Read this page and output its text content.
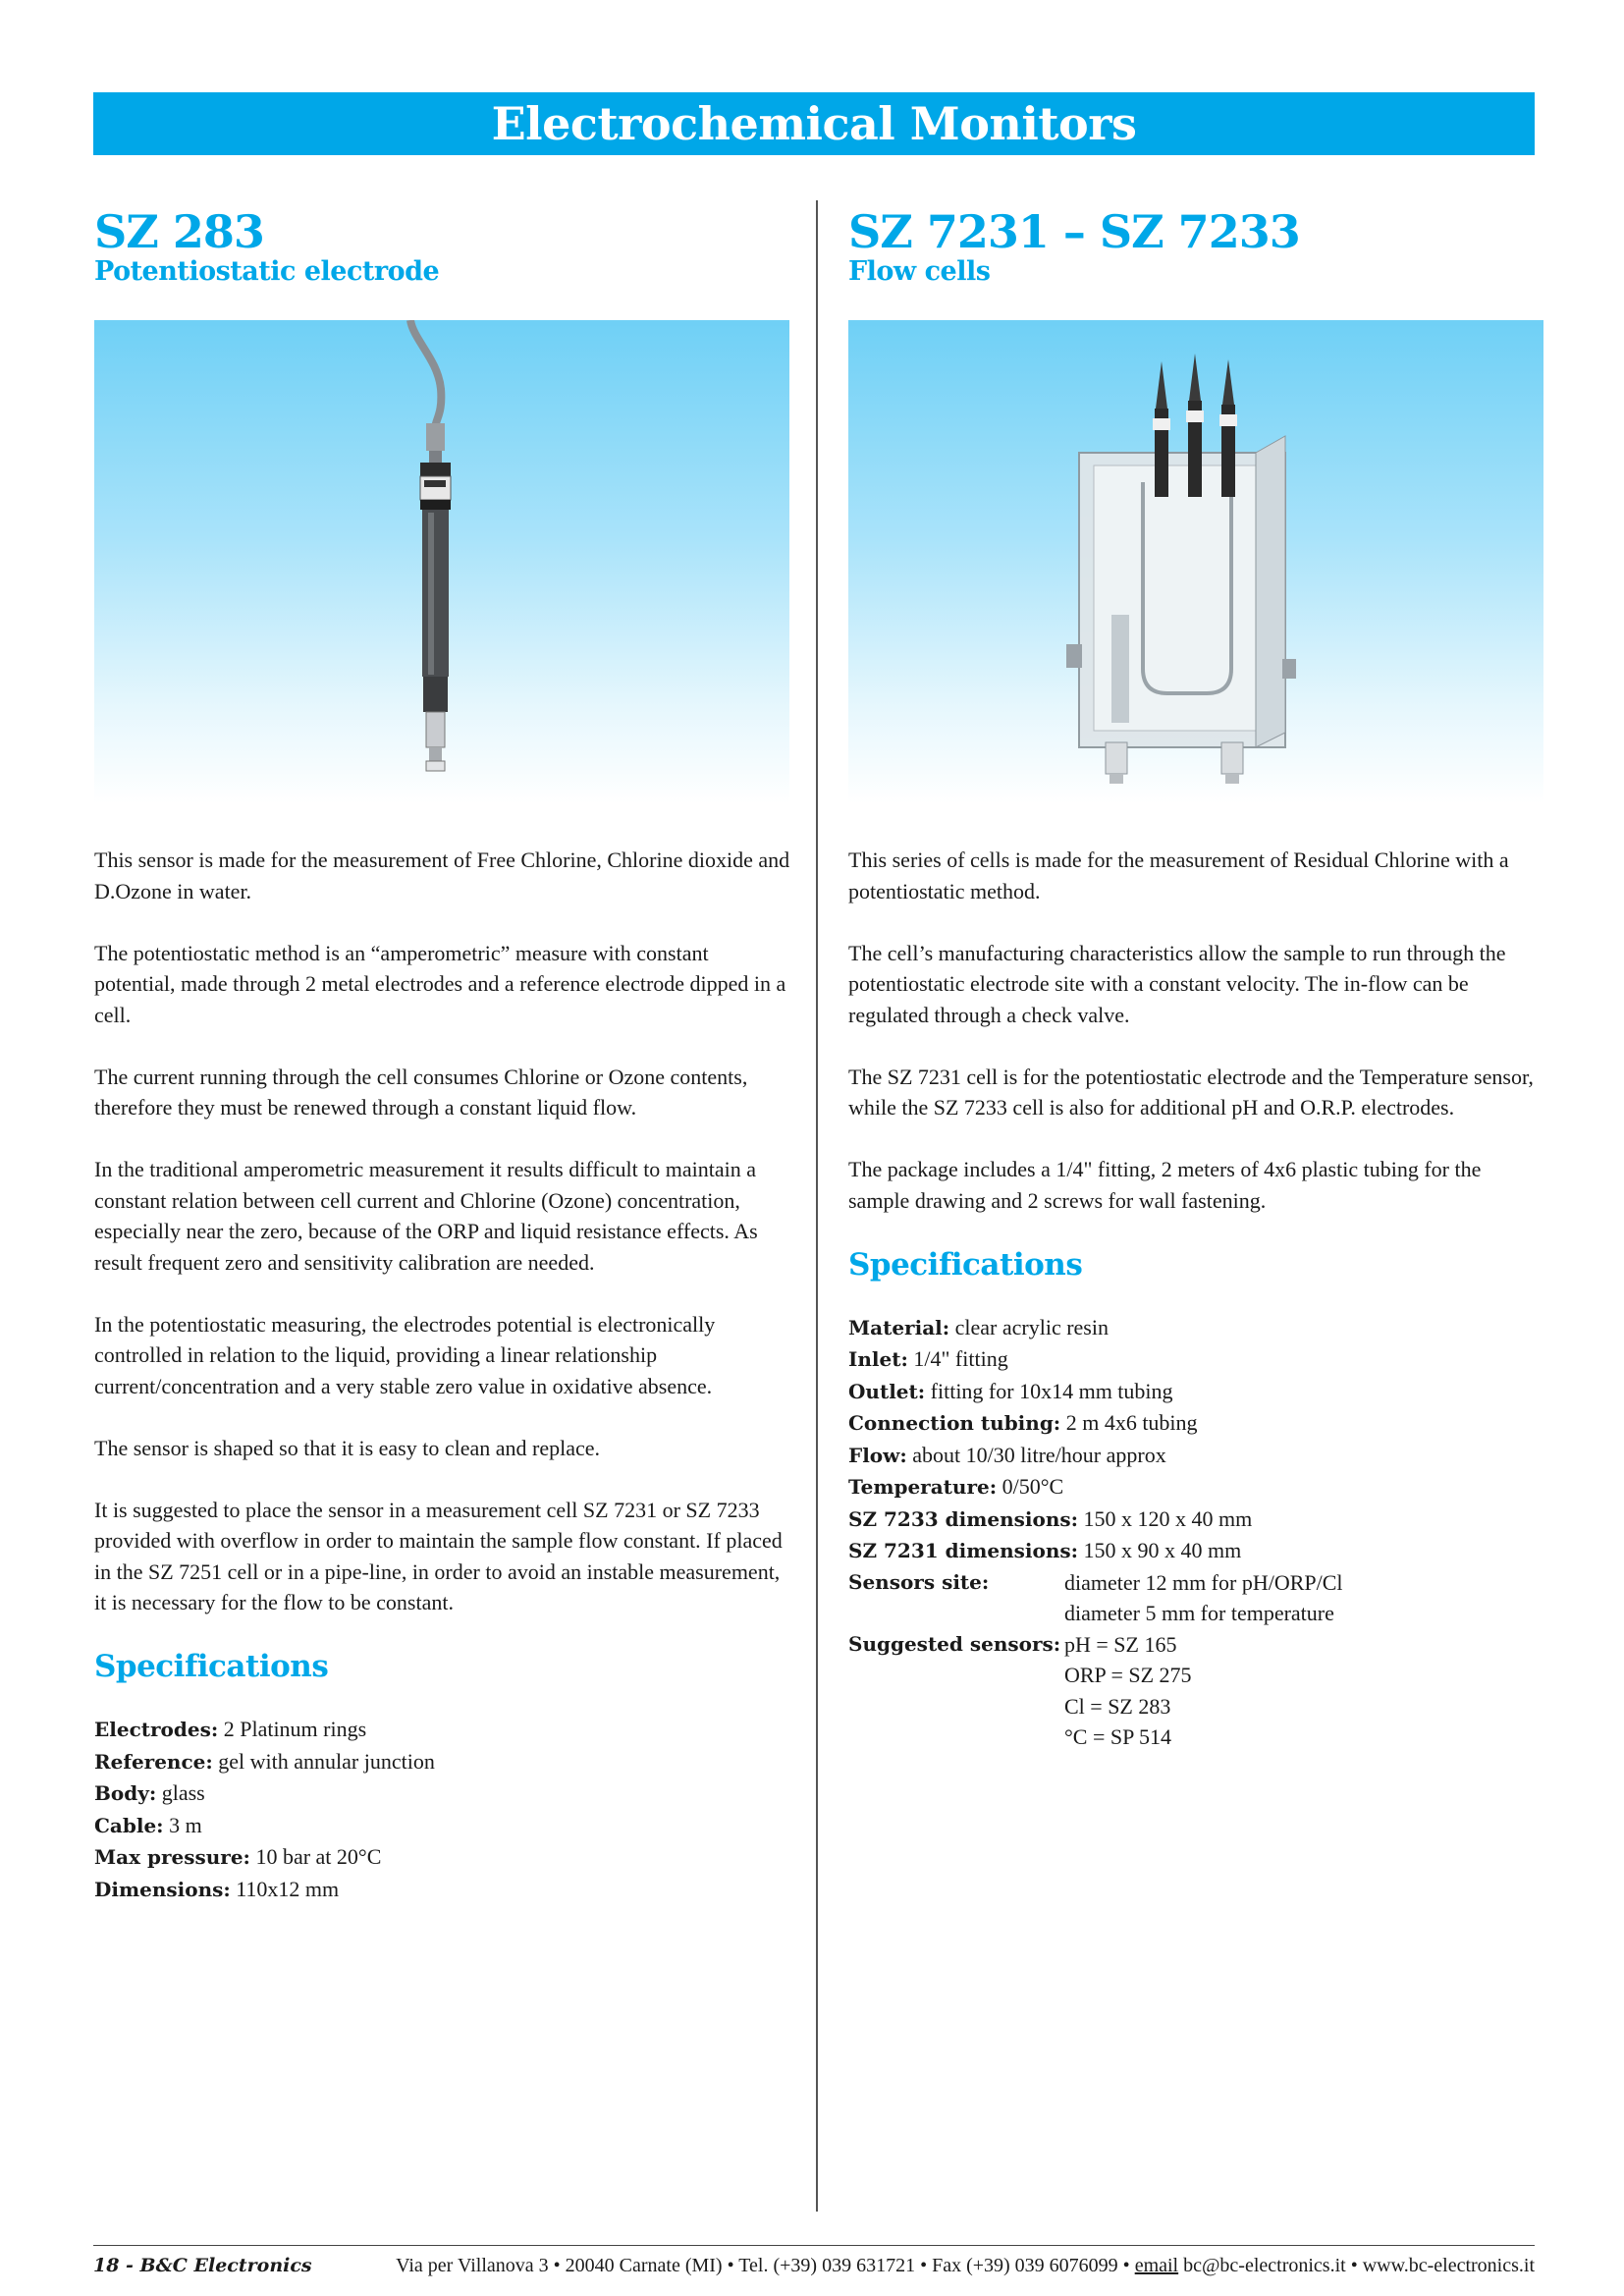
Electrochemical Monitors
SZ 283
Potentiostatic electrode

This sensor is made for the measurement of Free Chlorine, Chlorine dioxide and D.Ozone in water.

The potentiostatic method is an “amperometric” measure with constant potential, made through 2 metal electrodes and a reference electrode dipped in a cell.

The current running through the cell consumes Chlorine or Ozone contents, therefore they must be renewed through a constant liquid flow.

In the traditional amperometric measurement it results difficult to maintain a constant relation between cell current and Chlorine (Ozone) concentration, especially near the zero, because of the ORP and liquid resistance effects. As result frequent zero and sensitivity calibration are needed.

In the potentiostatic measuring, the electrodes potential is electronically controlled in relation to the liquid, providing a linear relationship current/concentration and a very stable zero value in oxidative absence.

The sensor is shaped so that it is easy to clean and replace.

It is suggested to place the sensor in a measurement cell SZ 7231 or SZ 7233 provided with overflow in order to maintain the sample flow constant. If placed in the SZ 7251 cell or in a pipe-line, in order to avoid an instable measurement, it is necessary for the flow to be constant.

Specifications
Electrodes: 2 Platinum rings
Reference: gel with annular junction
Body: glass
Cable: 3 m
Max pressure: 10 bar at 20°C
Dimensions: 110x12 mm
SZ 7231 – SZ 7233
Flow cells

This series of cells is made for the measurement of Residual Chlorine with a potentiostatic method.

The cell’s manufacturing characteristics allow the sample to run through the potentiostatic electrode site with a constant velocity. The in-flow can be regulated through a check valve.

The SZ 7231 cell is for the potentiostatic electrode and the Temperature sensor, while the SZ 7233 cell is also for additional pH and O.R.P. electrodes.

The package includes a 1/4" fitting, 2 meters of 4x6 plastic tubing for the sample drawing and 2 screws for wall fastening.

Specifications
Material: clear acrylic resin
Inlet: 1/4" fitting
Outlet: fitting for 10x14 mm tubing
Connection tubing: 2 m 4x6 tubing
Flow: about 10/30 litre/hour approx
Temperature: 0/50°C
SZ 7233 dimensions: 150 x 120 x 40 mm
SZ 7231 dimensions: 150 x 90 x 40 mm
Sensors site:	diameter 12 mm for pH/ORP/Cl
diameter 5 mm for temperature
Suggested sensors: pH = SZ 165
ORP = SZ 275
Cl = SZ 283
°C = SP 514
18 - B&C Electronics	Via per Villanova 3 • 20040 Carnate (MI) • Tel. (+39) 039 631721 • Fax (+39) 039 6076099 • email bc@bc-electronics.it • www.bc-electronics.it
